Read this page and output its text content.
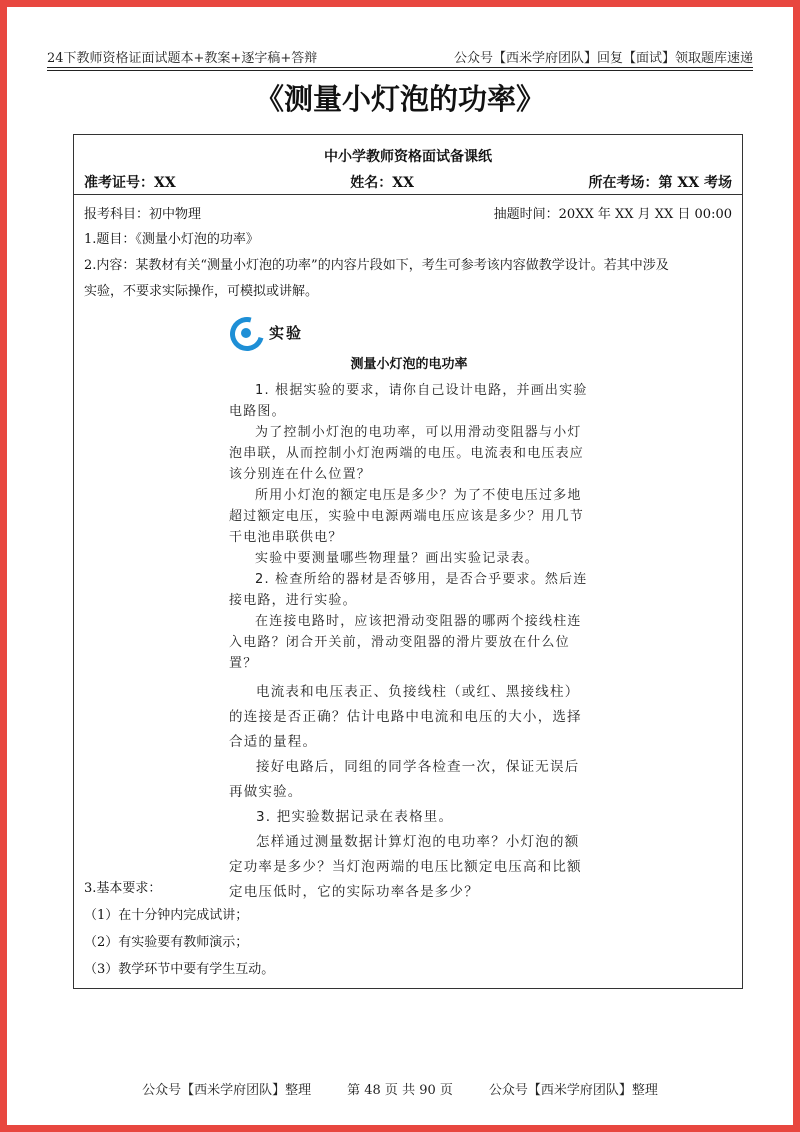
24下教师资格证面试题本+教案+逐字稿+答辩	公众号【西米学府团队】回复【面试】领取题库速递
《测量小灯泡的功率》
中小学教师资格面试备课纸
准考证号：XX	姓名：XX	所在考场：第 XX 考场
报考科目：初中物理	抽题时间：20XX 年 XX 月 XX 日 00:00
1.题目：《测量小灯泡的功率》
2.内容：某教材有关“测量小灯泡的功率”的内容片段如下，考生可参考该内容做教学设计。若其中涉及
实验，不要求实际操作，可模拟或讲解。
实验
测量小灯泡的电功率
1. 根据实验的要求，请你自己设计电路，并画出实验电路图。
为了控制小灯泡的电功率，可以用滑动变阻器与小灯泡串联，从而控制小灯泡两端的电压。电流表和电压表应该分别连在什么位置？
所用小灯泡的额定电压是多少？为了不使电压过多地超过额定电压，实验中电源两端电压应该是多少？用几节干电池串联供电？
实验中要测量哪些物理量？画出实验记录表。
2. 检查所给的器材是否够用，是否合乎要求。然后连接电路，进行实验。
在连接电路时，应该把滑动变阻器的哪两个接线柱连入电路？闭合开关前，滑动变阻器的滑片要放在什么位置？
电流表和电压表正、负接线柱（或红、黑接线柱）的连接是否正确？估计电路中电流和电压的大小，选择合适的量程。
接好电路后，同组的同学各检查一次，保证无误后再做实验。
3. 把实验数据记录在表格里。
怎样通过测量数据计算灯泡的电功率？小灯泡的额定功率是多少？当灯泡两端的电压比额定电压高和比额定电压低时，它的实际功率各是多少？
3.基本要求：
（1）在十分钟内完成试讲；
（2）有实验要有教师演示；
（3）教学环节中要有学生互动。
公众号【西米学府团队】整理	第 48 页 共 90 页	公众号【西米学府团队】整理
